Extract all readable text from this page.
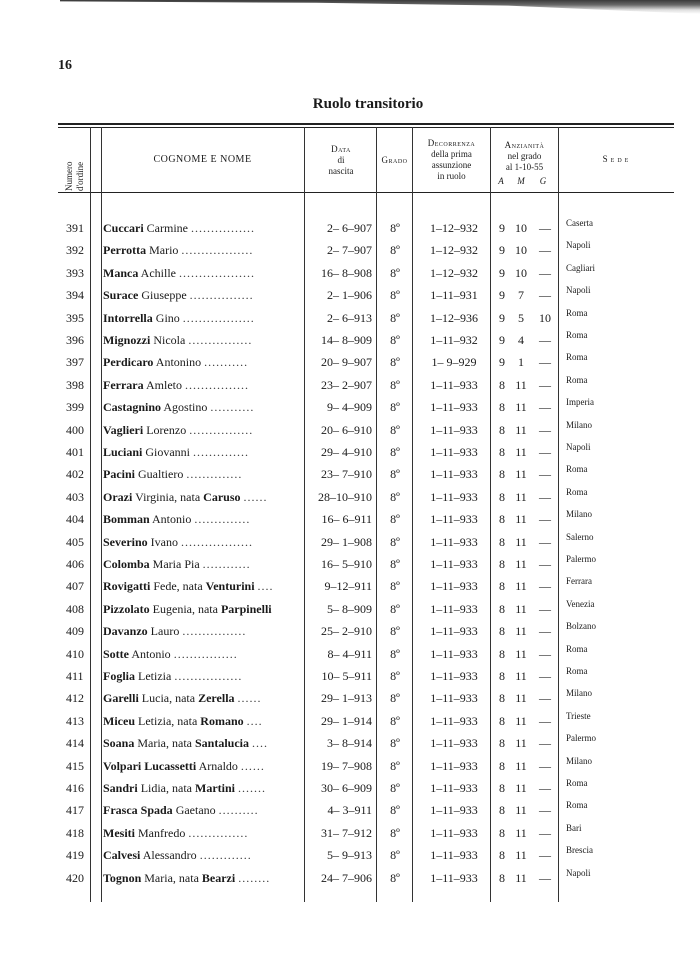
16
Ruolo transitorio
Numero d'ordine
COGNOME E NOME
Data
di
nascita
Grado
Decorrenza
della prima
assunzione
in ruolo
Anzianità
nel grado
al 1-10-55
A	M	G
Sede
391	Cuccari Carmine ................	2– 6–907	8º	1–12–932	9 10	—	Caserta
392	Perrotta Mario ..................	2– 7–907	8º	1–12–932	9 10	—	Napoli
393	Manca Achille ...................	16– 8–908	8º	1–12–932	9 10	—	Cagliari
394	Surace Giuseppe ................	2– 1–906	8º	1–11–931	9	7	—	Napoli
395	Intorrella Gino ..................	2– 6–913	8º	1–12–936	9	5	10	Roma
396	Mignozzi Nicola ................	14– 8–909	8º	1–11–932	9	4	—	Roma
397	Perdicaro Antonino ...........	20– 9–907	8º	1– 9–929	9	1	—	Roma
398	Ferrara Amleto ................	23– 2–907	8º	1–11–933	8 11	—	Roma
399	Castagnino Agostino ...........	9– 4–909	8º	1–11–933	8 11	—	Imperia
400	Vaglieri Lorenzo ................	20– 6–910	8º	1–11–933	8 11	—	Milano
401	Luciani Giovanni ..............	29– 4–910	8º	1–11–933	8 11	—	Napoli
402	Pacini Gualtiero ..............	23– 7–910	8º	1–11–933	8 11	—	Roma
403	Orazi Virginia, nata Caruso ......	28–10–910	8º	1–11–933	8 11	—	Roma
404	Bomman Antonio ..............	16– 6–911	8º	1–11–933	8 11	—	Milano
405	Severino Ivano ..................	29– 1–908	8º	1–11–933	8 11	—	Salerno
406	Colomba Maria Pia ............	16– 5–910	8º	1–11–933	8 11	—	Palermo
407	Rovigatti Fede, nata Venturini ....	9–12–911	8º	1–11–933	8 11	—	Ferrara
408	Pizzolato Eugenia, nata Parpinelli	5– 8–909	8º	1–11–933	8 11	—	Venezia
409	Davanzo Lauro ................	25– 2–910	8º	1–11–933	8 11	—	Bolzano
410	Sotte Antonio ................	8– 4–911	8º	1–11–933	8 11	—	Roma
411	Foglia Letizia .................	10– 5–911	8º	1–11–933	8 11	—	Roma
412	Garelli Lucia, nata Zerella ......	29– 1–913	8º	1–11–933	8 11	—	Milano
413	Miceu Letizia, nata Romano ....	29– 1–914	8º	1–11–933	8 11	—	Trieste
414	Soana Maria, nata Santalucia ....	3– 8–914	8º	1–11–933	8 11	—	Palermo
415	Volpari Lucassetti Arnaldo ......	19– 7–908	8º	1–11–933	8 11	—	Milano
416	Sandri Lidia, nata Martini .......	30– 6–909	8º	1–11–933	8 11	—	Roma
417	Frasca Spada Gaetano ..........	4– 3–911	8º	1–11–933	8 11	—	Roma
418	Mesiti Manfredo ...............	31– 7–912	8º	1–11–933	8 11	—	Bari
419	Calvesi Alessandro .............	5– 9–913	8º	1–11–933	8 11	—	Brescia
420	Tognon Maria, nata Bearzi ........	24– 7–906	8º	1–11–933	8 11	—	Napoli
